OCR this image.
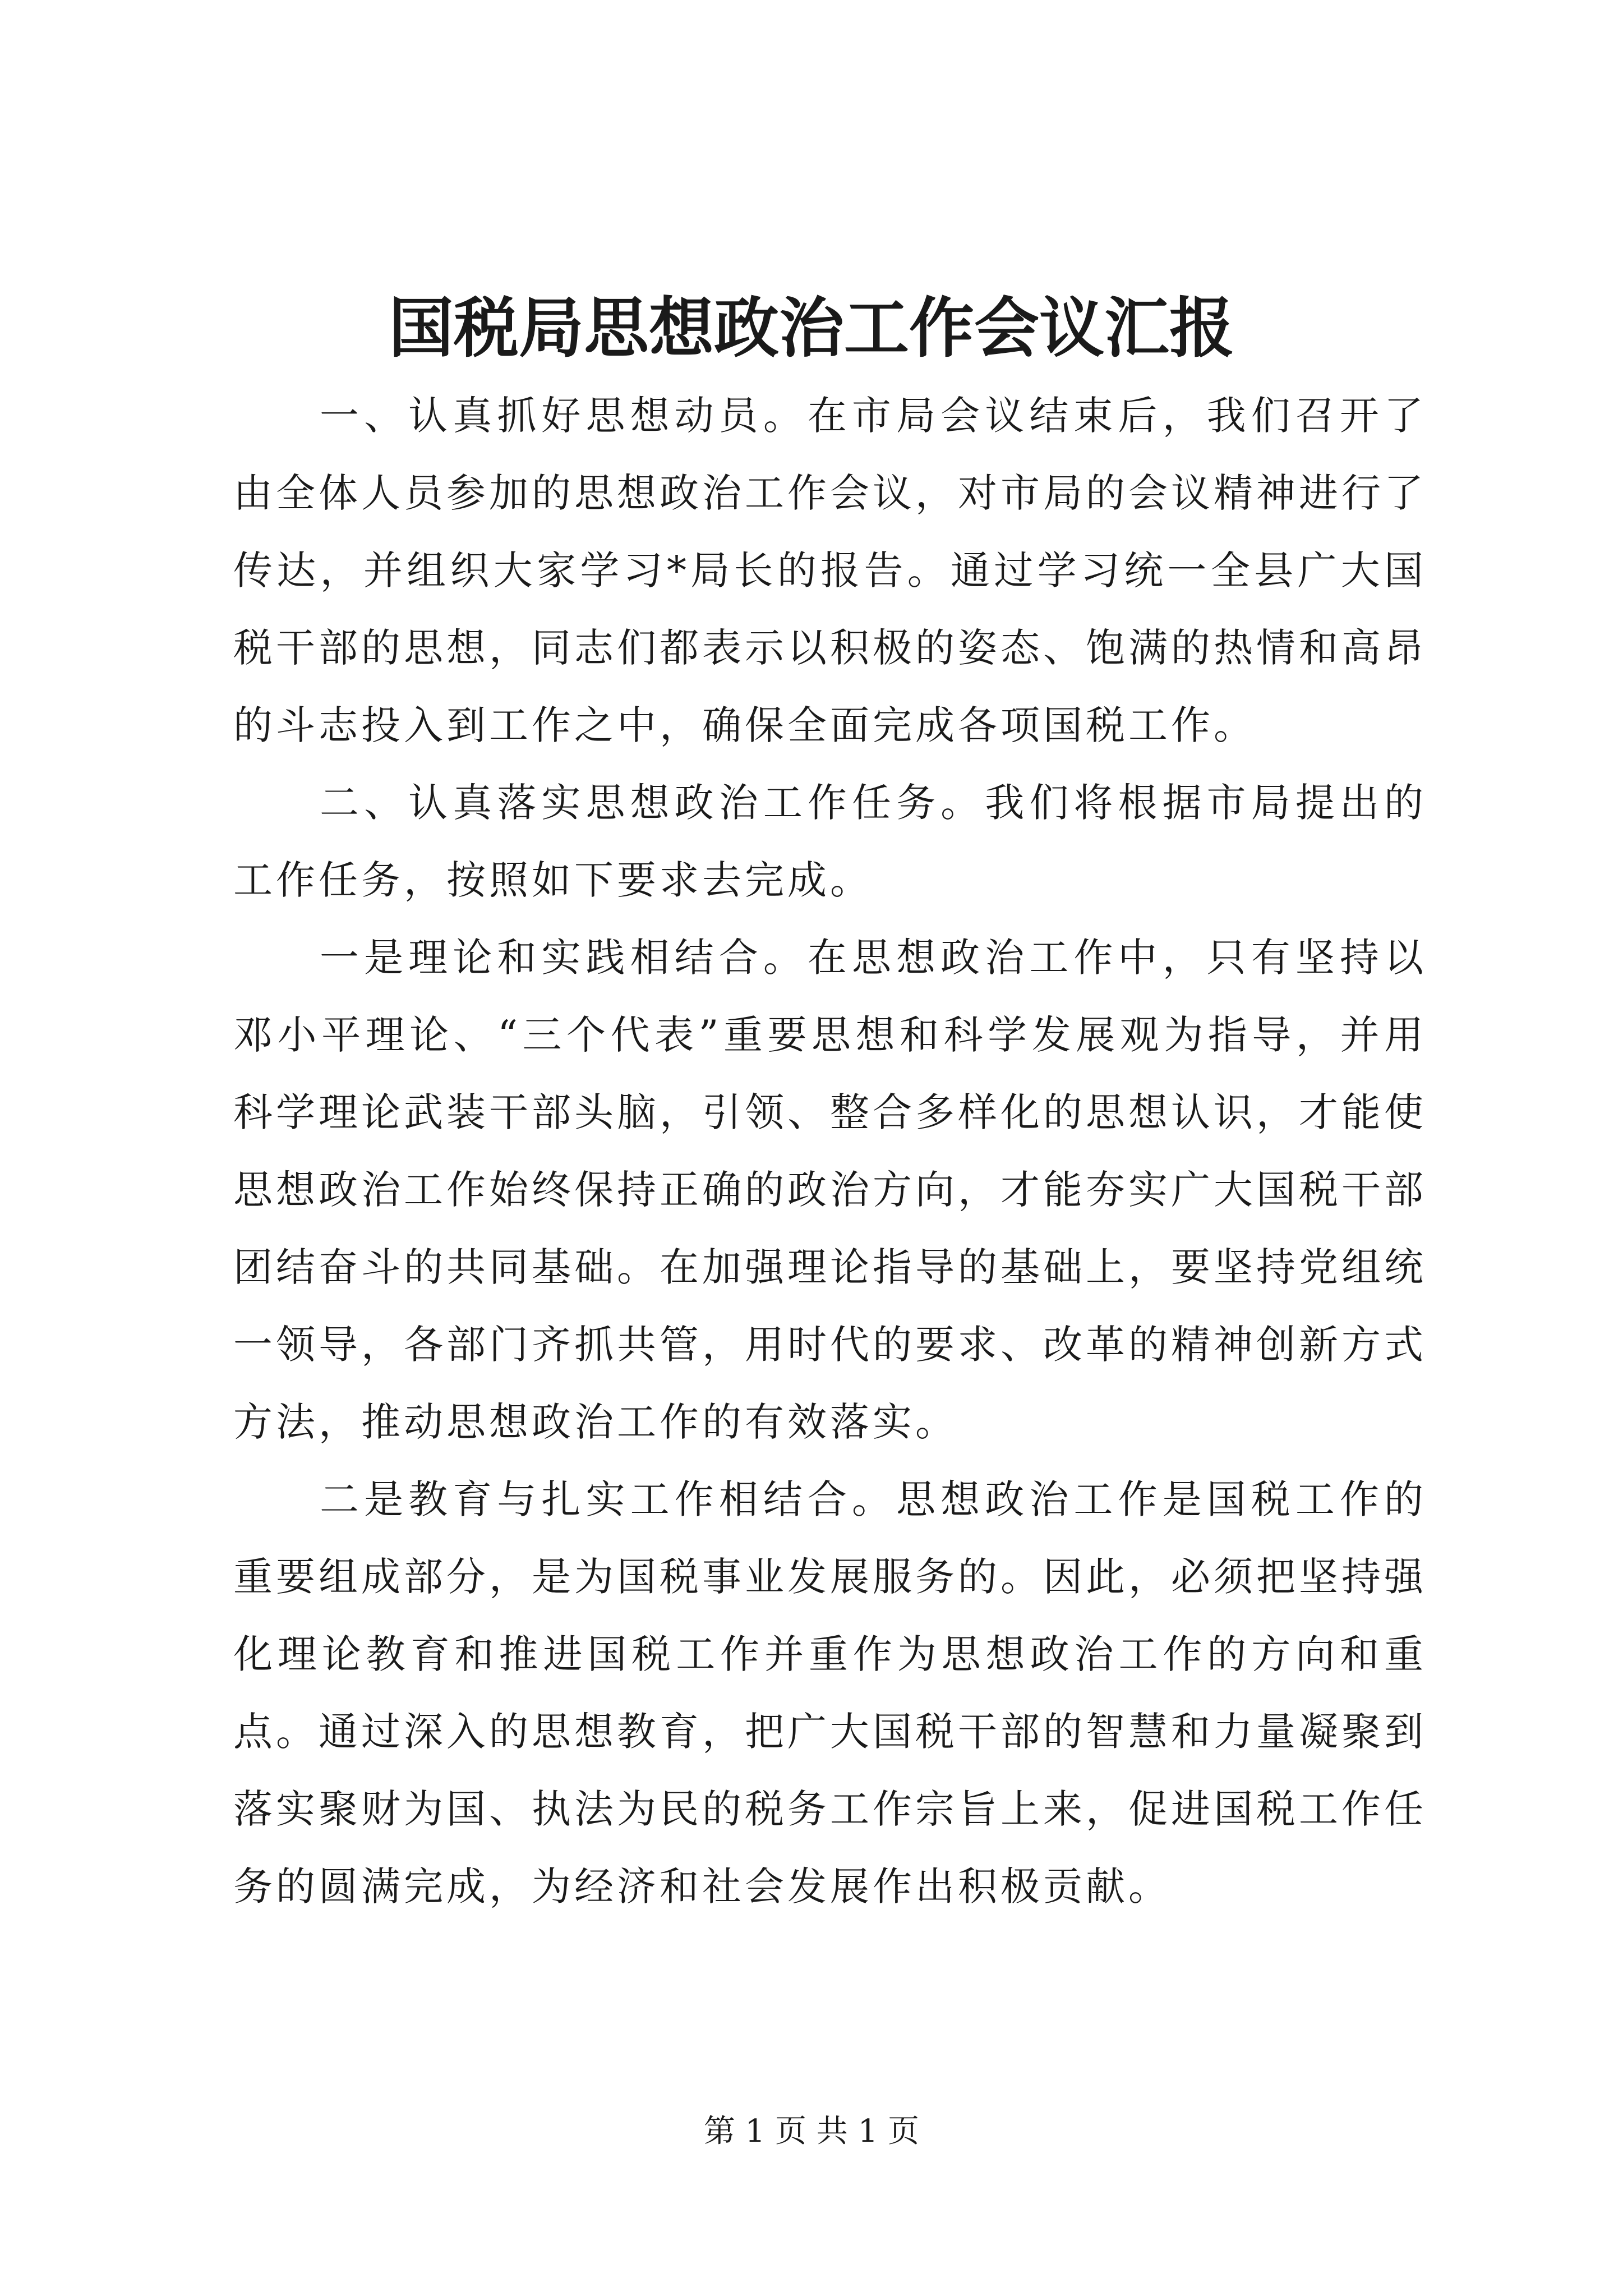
国税局思想政治工作会议汇报

一、认真抓好思想动员。在市局会议结束后，我们召开了由全体人员参加的思想政治工作会议，对市局的会议精神进行了传达，并组织大家学习*局长的报告。通过学习统一全县广大国税干部的思想，同志们都表示以积极的姿态、饱满的热情和高昂的斗志投入到工作之中，确保全面完成各项国税工作。

二、认真落实思想政治工作任务。我们将根据市局提出的工作任务，按照如下要求去完成。

一是理论和实践相结合。在思想政治工作中，只有坚持以邓小平理论、“三个代表”重要思想和科学发展观为指导，并用科学理论武装干部头脑，引领、整合多样化的思想认识，才能使思想政治工作始终保持正确的政治方向，才能夯实广大国税干部团结奋斗的共同基础。在加强理论指导的基础上，要坚持党组统一领导，各部门齐抓共管，用时代的要求、改革的精神创新方式方法，推动思想政治工作的有效落实。

二是教育与扎实工作相结合。思想政治工作是国税工作的重要组成部分，是为国税事业发展服务的。因此，必须把坚持强化理论教育和推进国税工作并重作为思想政治工作的方向和重点。通过深入的思想教育，把广大国税干部的智慧和力量凝聚到落实聚财为国、执法为民的税务工作宗旨上来，促进国税工作任务的圆满完成，为经济和社会发展作出积极贡献。

第 1 页 共 1 页
